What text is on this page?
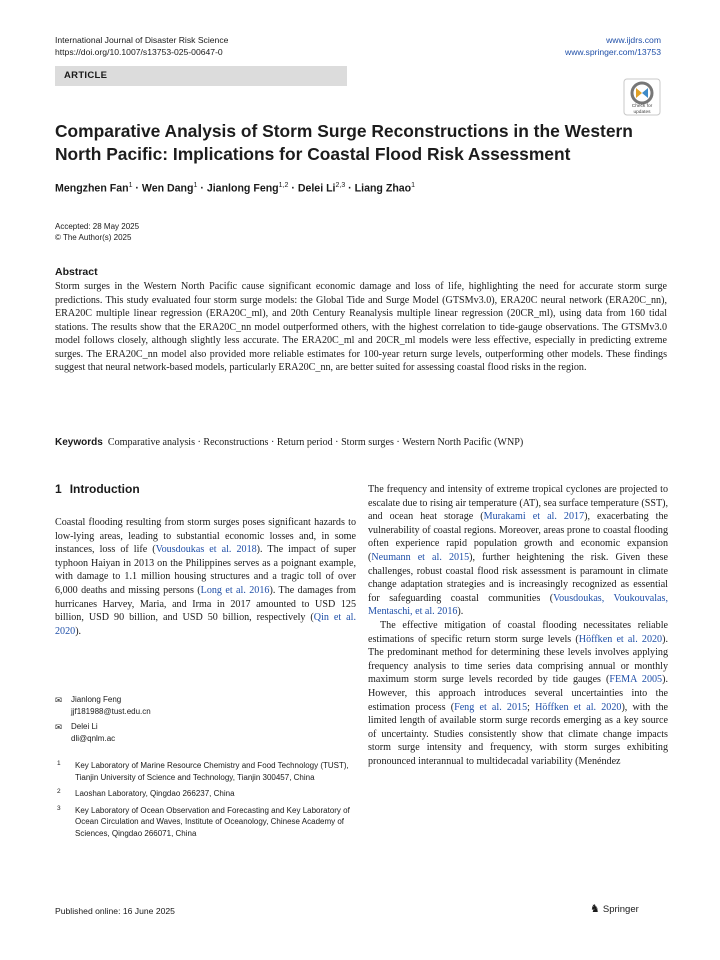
International Journal of Disaster Risk Science
https://doi.org/10.1007/s13753-025-00647-0
www.ijdrs.com
www.springer.com/13753
ARTICLE
Check for updates
Comparative Analysis of Storm Surge Reconstructions in the Western North Pacific: Implications for Coastal Flood Risk Assessment
Mengzhen Fan$^1$ · Wen Dang$^1$ · Jianlong Feng$^{1,2}$ · Delei Li$^{2,3}$ · Liang Zhao$^1$
Accepted: 28 May 2025
© The Author(s) 2025
Abstract
Storm surges in the Western North Pacific cause significant economic damage and loss of life, highlighting the need for accurate storm surge predictions. This study evaluated four storm surge models: the Global Tide and Surge Model (GTSMv3.0), ERA20C neural network (ERA20C_nn), ERA20C multiple linear regression (ERA20C_ml), and 20th Century Reanalysis multiple linear regression (20CR_ml), using data from 160 tidal stations. The results show that the ERA20C_nn model outperformed others, with the highest correlation to tide-gauge observations. The GTSMv3.0 model follows closely, although slightly less accurate. The ERA20C_ml and 20CR_ml models were less effective, especially in predicting extreme surges. The ERA20C_nn model also provided more reliable estimates for 100-year return surge levels, outperforming other models. These findings suggest that neural network-based models, particularly ERA20C_nn, are better suited for assessing coastal flood risks in the region.
Keywords Comparative analysis · Reconstructions · Return period · Storm surges · Western North Pacific (WNP)
1 Introduction

Coastal flooding resulting from storm surges poses significant hazards to low-lying areas, leading to substantial economic losses and, in some instances, loss of life (Vousdoukas et al. 2018). The impact of super typhoon Haiyan in 2013 on the Philippines serves as a poignant example, with damage to 1.1 million housing structures and a tragic toll of over 6,000 deaths and missing persons (Long et al. 2016). The damages from hurricanes Harvey, Maria, and Irma in 2017 amounted to USD 125 billion, USD 90 billion, and USD 50 billion, respectively (Qin et al. 2020).

The frequency and intensity of extreme tropical cyclones are projected to escalate due to rising air temperature (AT), sea surface temperature (SST), and ocean heat storage (Murakami et al. 2017), exacerbating the vulnerability of coastal regions. Moreover, areas prone to coastal flooding often experience rapid population growth and economic expansion (Neumann et al. 2015), further heightening the risk. Given these challenges, robust coastal flood risk assessment is paramount in climate change adaptation strategies and is increasingly recognized as essential for safeguarding coastal communities (Vousdoukas, Voukouvalas, Mentaschi, et al. 2016).

The effective mitigation of coastal flooding necessitates reliable estimations of specific return storm surge levels (Höffken et al. 2020). The predominant method for determining these levels involves applying frequency analysis to time series data comprising annual or monthly maximum storm surge levels recorded by tide gauges (FEMA 2005). However, this approach introduces several uncertainties into the estimation process (Feng et al. 2015; Höffken et al. 2020), with the limited length of available storm surge records emerging as a key source of uncertainty. Studies consistently show that climate change impacts storm surge intensity and frequency, with storm surges exhibiting pronounced interannual to multidecadal variability (Menéndez

✉ Jianlong Feng
jjf181988@tust.edu.cn
✉ Delei Li
dli@qnlm.ac
1 Key Laboratory of Marine Resource Chemistry and Food Technology (TUST), Tianjin University of Science and Technology, Tianjin 300457, China
2 Laoshan Laboratory, Qingdao 266237, China
3 Key Laboratory of Ocean Observation and Forecasting and Key Laboratory of Ocean Circulation and Waves, Institute of Oceanology, Chinese Academy of Sciences, Qingdao 266071, China
Published online: 16 June 2025	♞ Springer
